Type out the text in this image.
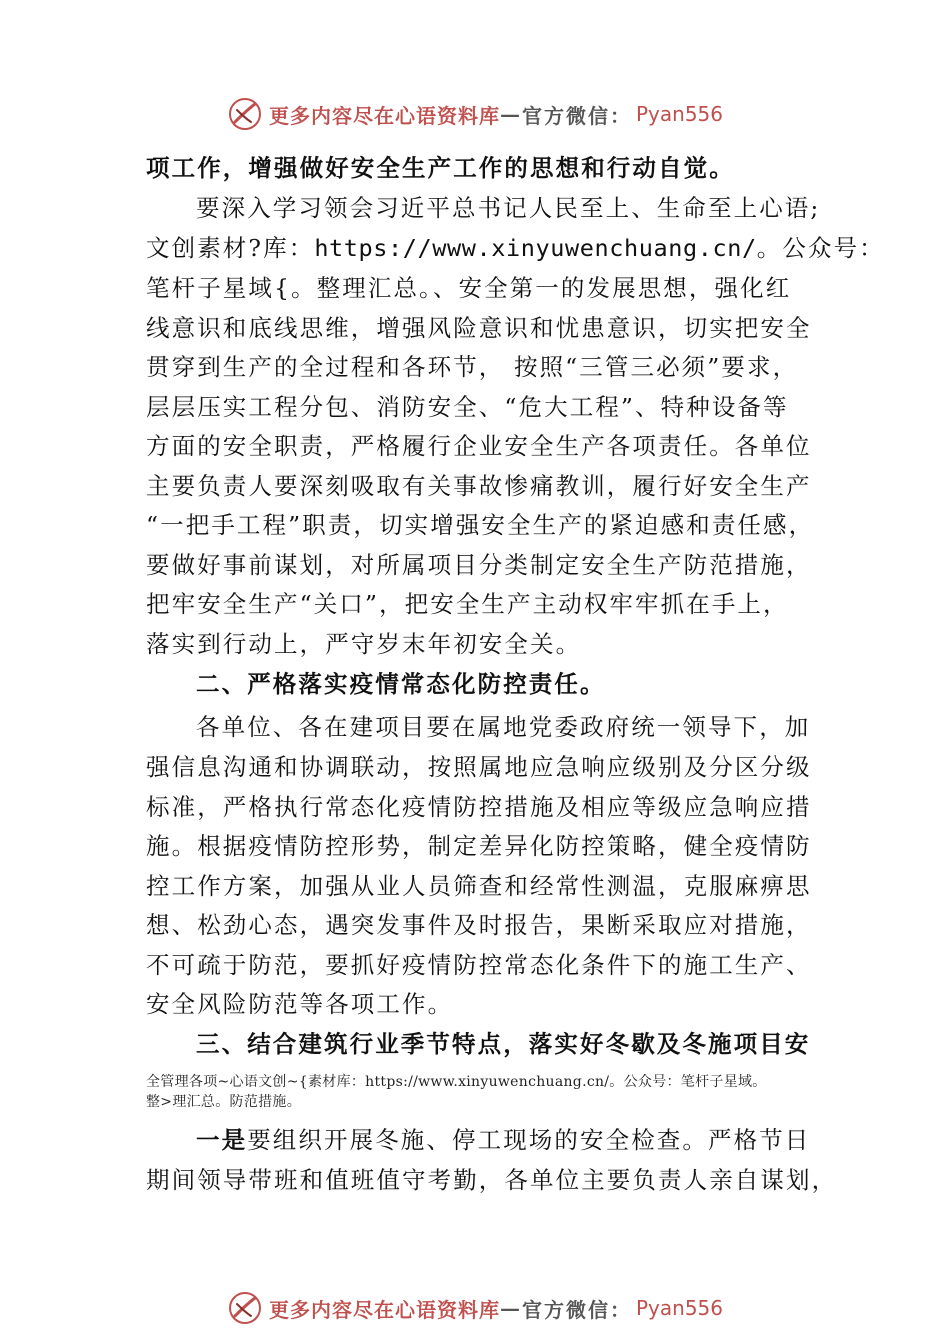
更多内容尽在心语资料库 — 官方微信： Pyan556
项工作，增强做好安全生产工作的思想和行动自觉。
要深入学习领会习近平总书记人民至上、生命至上心语;
文创素材?库：https://www.xinyuwenchuang.cn/。公众号：
笔杆子星域{。整理汇总。、安全第一的发展思想，强化红
线意识和底线思维，增强风险意识和忧患意识，切实把安全
贯穿到生产的全过程和各环节， 按照“三管三必须”要求，
层层压实工程分包、消防安全、“危大工程”、特种设备等
方面的安全职责，严格履行企业安全生产各项责任。各单位
主要负责人要深刻吸取有关事故惨痛教训，履行好安全生产
“一把手工程”职责，切实增强安全生产的紧迫感和责任感，
要做好事前谋划，对所属项目分类制定安全生产防范措施，
把牢安全生产“关口”，把安全生产主动权牢牢抓在手上，
落实到行动上，严守岁末年初安全关。
二、严格落实疫情常态化防控责任。
各单位、各在建项目要在属地党委政府统一领导下，加
强信息沟通和协调联动，按照属地应急响应级别及分区分级
标准，严格执行常态化疫情防控措施及相应等级应急响应措
施。根据疫情防控形势，制定差异化防控策略，健全疫情防
控工作方案，加强从业人员筛查和经常性测温，克服麻痹思
想、松劲心态，遇突发事件及时报告，果断采取应对措施，
不可疏于防范，要抓好疫情防控常态化条件下的施工生产、
安全风险防范等各项工作。
三、结合建筑行业季节特点，落实好冬歇及冬施项目安
全管理各项~心语文创~{素材库：https://www.xinyuwenchuang.cn/。公众号：笔杆子星域。
整>理汇总。防范措施。
一是要组织开展冬施、停工现场的安全检查。严格节日
期间领导带班和值班值守考勤，各单位主要负责人亲自谋划，
更多内容尽在心语资料库 — 官方微信： Pyan556
